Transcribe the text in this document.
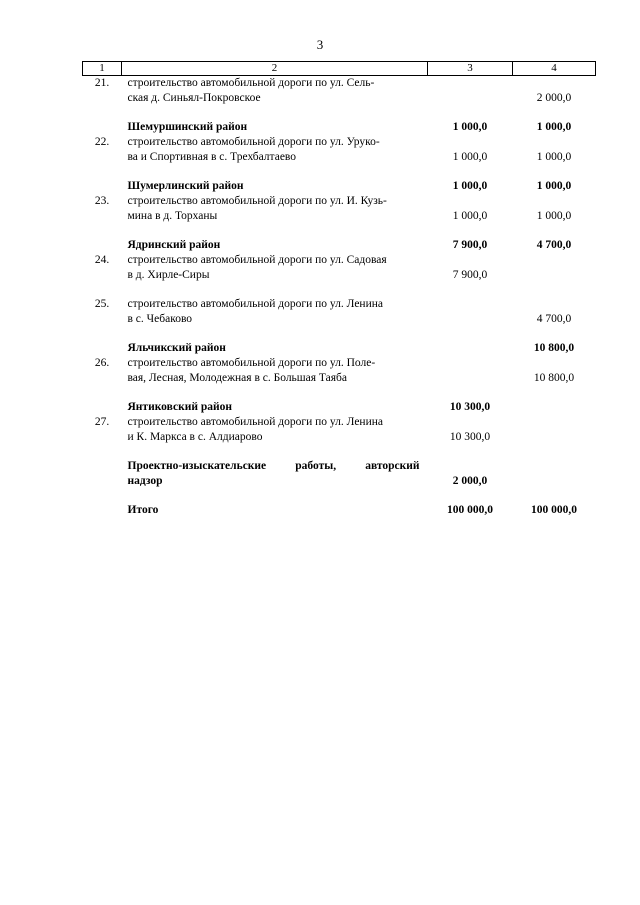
3
1	2	3	4
21.	строительство автомобильной дороги по ул. Сель-
ская д. Синьял-Покровское		2 000,0

	Шемуршинский район	1 000,0	1 000,0

22.	строительство автомобильной дороги по ул. Уруко-
ва и Спортивная в с. Трехбалтаево	1 000,0	1 000,0

	Шумерлинский район	1 000,0	1 000,0

23.	строительство автомобильной дороги по ул. И. Кузь-
мина в д. Торханы	1 000,0	1 000,0

	Ядринский район	7 900,0	4 700,0

24.	строительство автомобильной дороги по ул. Садовая
в д. Хирле-Сиры	7 900,0	

25.	строительство автомобильной дороги по ул. Ленина
в с. Чебаково		4 700,0

	Яльчикский район		10 800,0

26.	строительство автомобильной дороги по ул. Поле-
вая, Лесная, Молодежная в с. Большая Таяба		10 800,0

	Янтиковский район	10 300,0	

27.	строительство автомобильной дороги по ул. Ленина
и К. Маркса в с. Алдиарово	10 300,0	

	Проектно-изыскательские работы, авторский
надзор	2 000,0	

	Итого	100 000,0	100 000,0
